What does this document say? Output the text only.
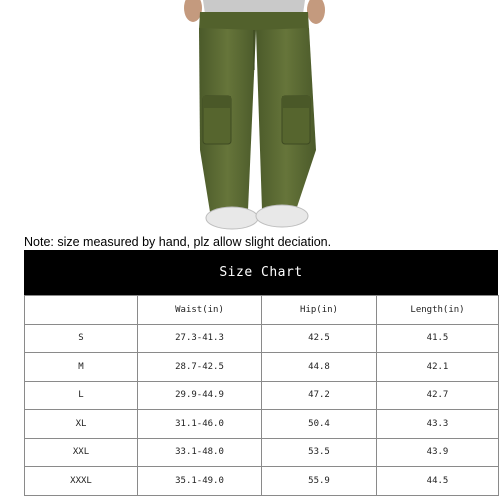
Note: size measured by hand, plz allow slight deciation.
Size Chart
	Waist(in)	Hip(in)	Length(in)
S	27.3-41.3	42.5	41.5
M	28.7-42.5	44.8	42.1
L	29.9-44.9	47.2	42.7
XL	31.1-46.0	50.4	43.3
XXL	33.1-48.0	53.5	43.9
XXXL	35.1-49.0	55.9	44.5
